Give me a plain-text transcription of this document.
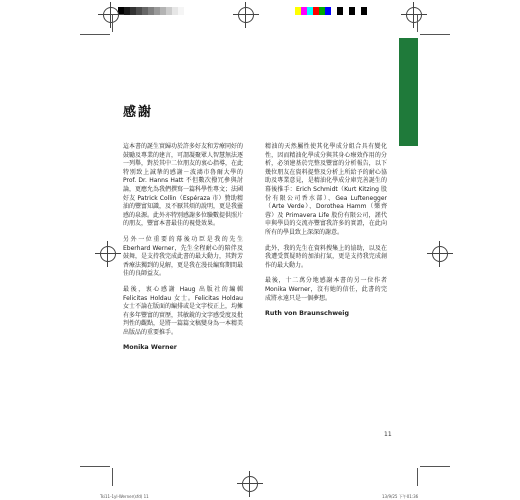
感謝

這本書的誕生實歸功於許多好友和芳療同好的鼓勵及專業的建言，可謂凝聚眾人智慧無法逐一列舉，對於其中二位朋友的衷心指導，在此特別致上誠摯的感謝－波鴻市魯爾大學的 Prof. Dr. Hanns Hatt 不但數次撥冗參與討論，更應允為我們撰寫一篇科學性專文；法國好友 Patrick Collin（Espéraza 市）贊助精油的豐富知識，及不厭其煩的說明，更是我靈感的泉源。此外亦特別感謝多位驗數提供照片的朋友，豐富本書最佳的視覺效果。

另外一位重要的幕後功臣是我的先生 Eberhard Werner，先生全程耐心的陪伴及鼓舞，是支持我完成此書的最大動力，其對芳香療法獨到的見解，更是我在漫長編寫期間最佳的良師益友。

最後，衷心感謝 Haug 出版社的編輯 Felicitas Holdau 女士。Felicitas Holdau 女士不論在版面的編排或是文字校正上，均擁有多年豐富的實歷，其敏銳的文字感受度及批判性的觀點，是將一篇篇文稿變身為一本精美出版品的重要推手。

Monika Werner

精油的天然屬性使其化學成分組合具有變化性，因而精油化學成分與其身心療效作用的分析，必須建基於完整及豐富的分析報告，以下幾位朋友在資料提整及分析上所給予的耐心協助及專業意見，是精油化學成分庫完善誕生的幕後推手：Erich Schmidt（Kurt Kitzing 股份有限公司香水部）、Gea Luftenegger（Arte Verde）、Dorothea Hamm（樂齊蓉）及 Primavera Life 股份有限公司，謹代申與學員的交流亦豐富我許多的實證，在此向所有的學員致上深深的謝意。

此外，我的先生在資料搜集上的協助，以及在我遭受質疑時的加油打氣，更是支持我完成創作的最大動力。

最後，十二萬分地感謝本書的另一位作者 Monika Werner，沒有她的信任，此書的完成將永遠只是一個夢想。

Ruth von Braunschweig
11
Tsi11-1yl-Werner(sfd) 11	13/9/25 下午01:36
